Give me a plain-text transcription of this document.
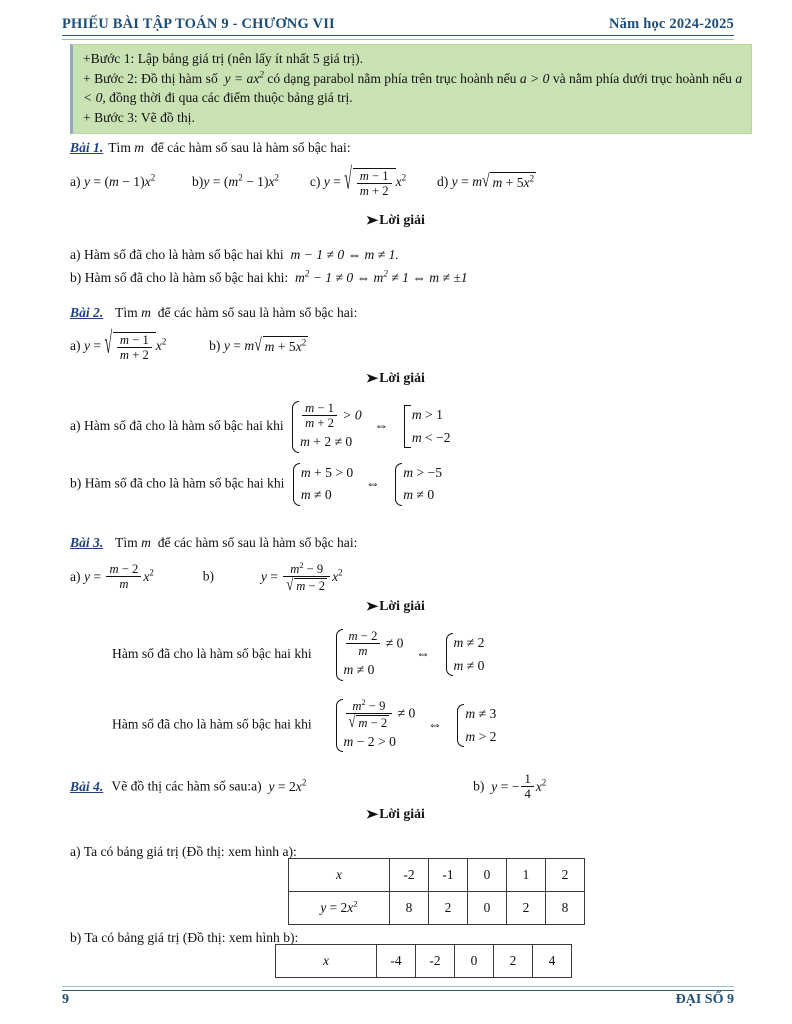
PHIẾU BÀI TẬP TOÁN 9 - CHƯƠNG VII	Năm học 2024-2025
+Bước 1: Lập bảng giá trị (nên lấy ít nhất 5 giá trị).
+ Bước 2: Đồ thị hàm số  $y = ax^2$ có dạng parabol nằm phía trên trục hoành nếu a > 0 và nằm phía dưới trục hoành nếu a < 0, đồng thời đi qua các điểm thuộc bảng giá trị.
+ Bước 3: Vẽ đồ thị.
Bài 1. Tìm m  để các hàm số sau là hàm số bậc hai:
a) $y = (m - 1)x^2$	$b)y = (m^2 - 1)x^2$ c) y = √ $\frac{m - 1}{m + 2} x^2$ d) y = m √ $m + 5x^2$
➤Lời giải
a) Hàm số đã cho là hàm số bậc hai khi  m − 1 ≠ 0 ⇔ m ≠ 1.
b) Hàm số đã cho là hàm số bậc hai khi:  $m^2 - 1 \ne 0$ ⇔ $m^2 \ne 1$ ⇔ m ≠ ±1
Bài 2.  Tìm m  để các hàm số sau là hàm số bậc hai:
a) y = √ $\frac{m - 1}{m + 2} x^2$	b) y = m √ $m + 5x^2$
➤Lời giải
a) Hàm số đã cho là hàm số bậc hai khi $\frac{m - 1}{m + 2} > 0$
m + 2 ≠ 0
⇔
m > 1
m < −2
b) Hàm số đã cho là hàm số bậc hai khi
m + 5 > 0
m ≠ 0
⇔
m > −5
m ≠ 0
Bài 3.  Tìm m  để các hàm số sau là hàm số bậc hai:
a) $y = \frac{m - 2}{m} x^2$	b)	$y = m^2 - 9$
√ m − 2 $x^2$
➤Lời giải
Hàm số đã cho là hàm số bậc hai khi	$\frac{m - 2}{m} \ne 0$
m ≠ 0
⇔
m ≠ 2
m ≠ 0
Hàm số đã cho là hàm số bậc hai khi	$m^2 - 9$
√ m − 2 ≠ 0
m − 2 > 0
⇔
m ≠ 3
m > 2
Bài 4. Vẽ đồ thị các hàm số sau:a) $y = 2x^2$	b) y = − $\frac{1}{4} x^2$
➤Lời giải
a) Ta có bảng giá trị (Đồ thị: xem hình a):
x	-2	-1	0	1	2
$y = 2x^2$	8	2	0	2	8
b) Ta có bảng giá trị (Đồ thị: xem hình b):
x	-4	-2	0	2	4
9	ĐẠI SỐ 9
